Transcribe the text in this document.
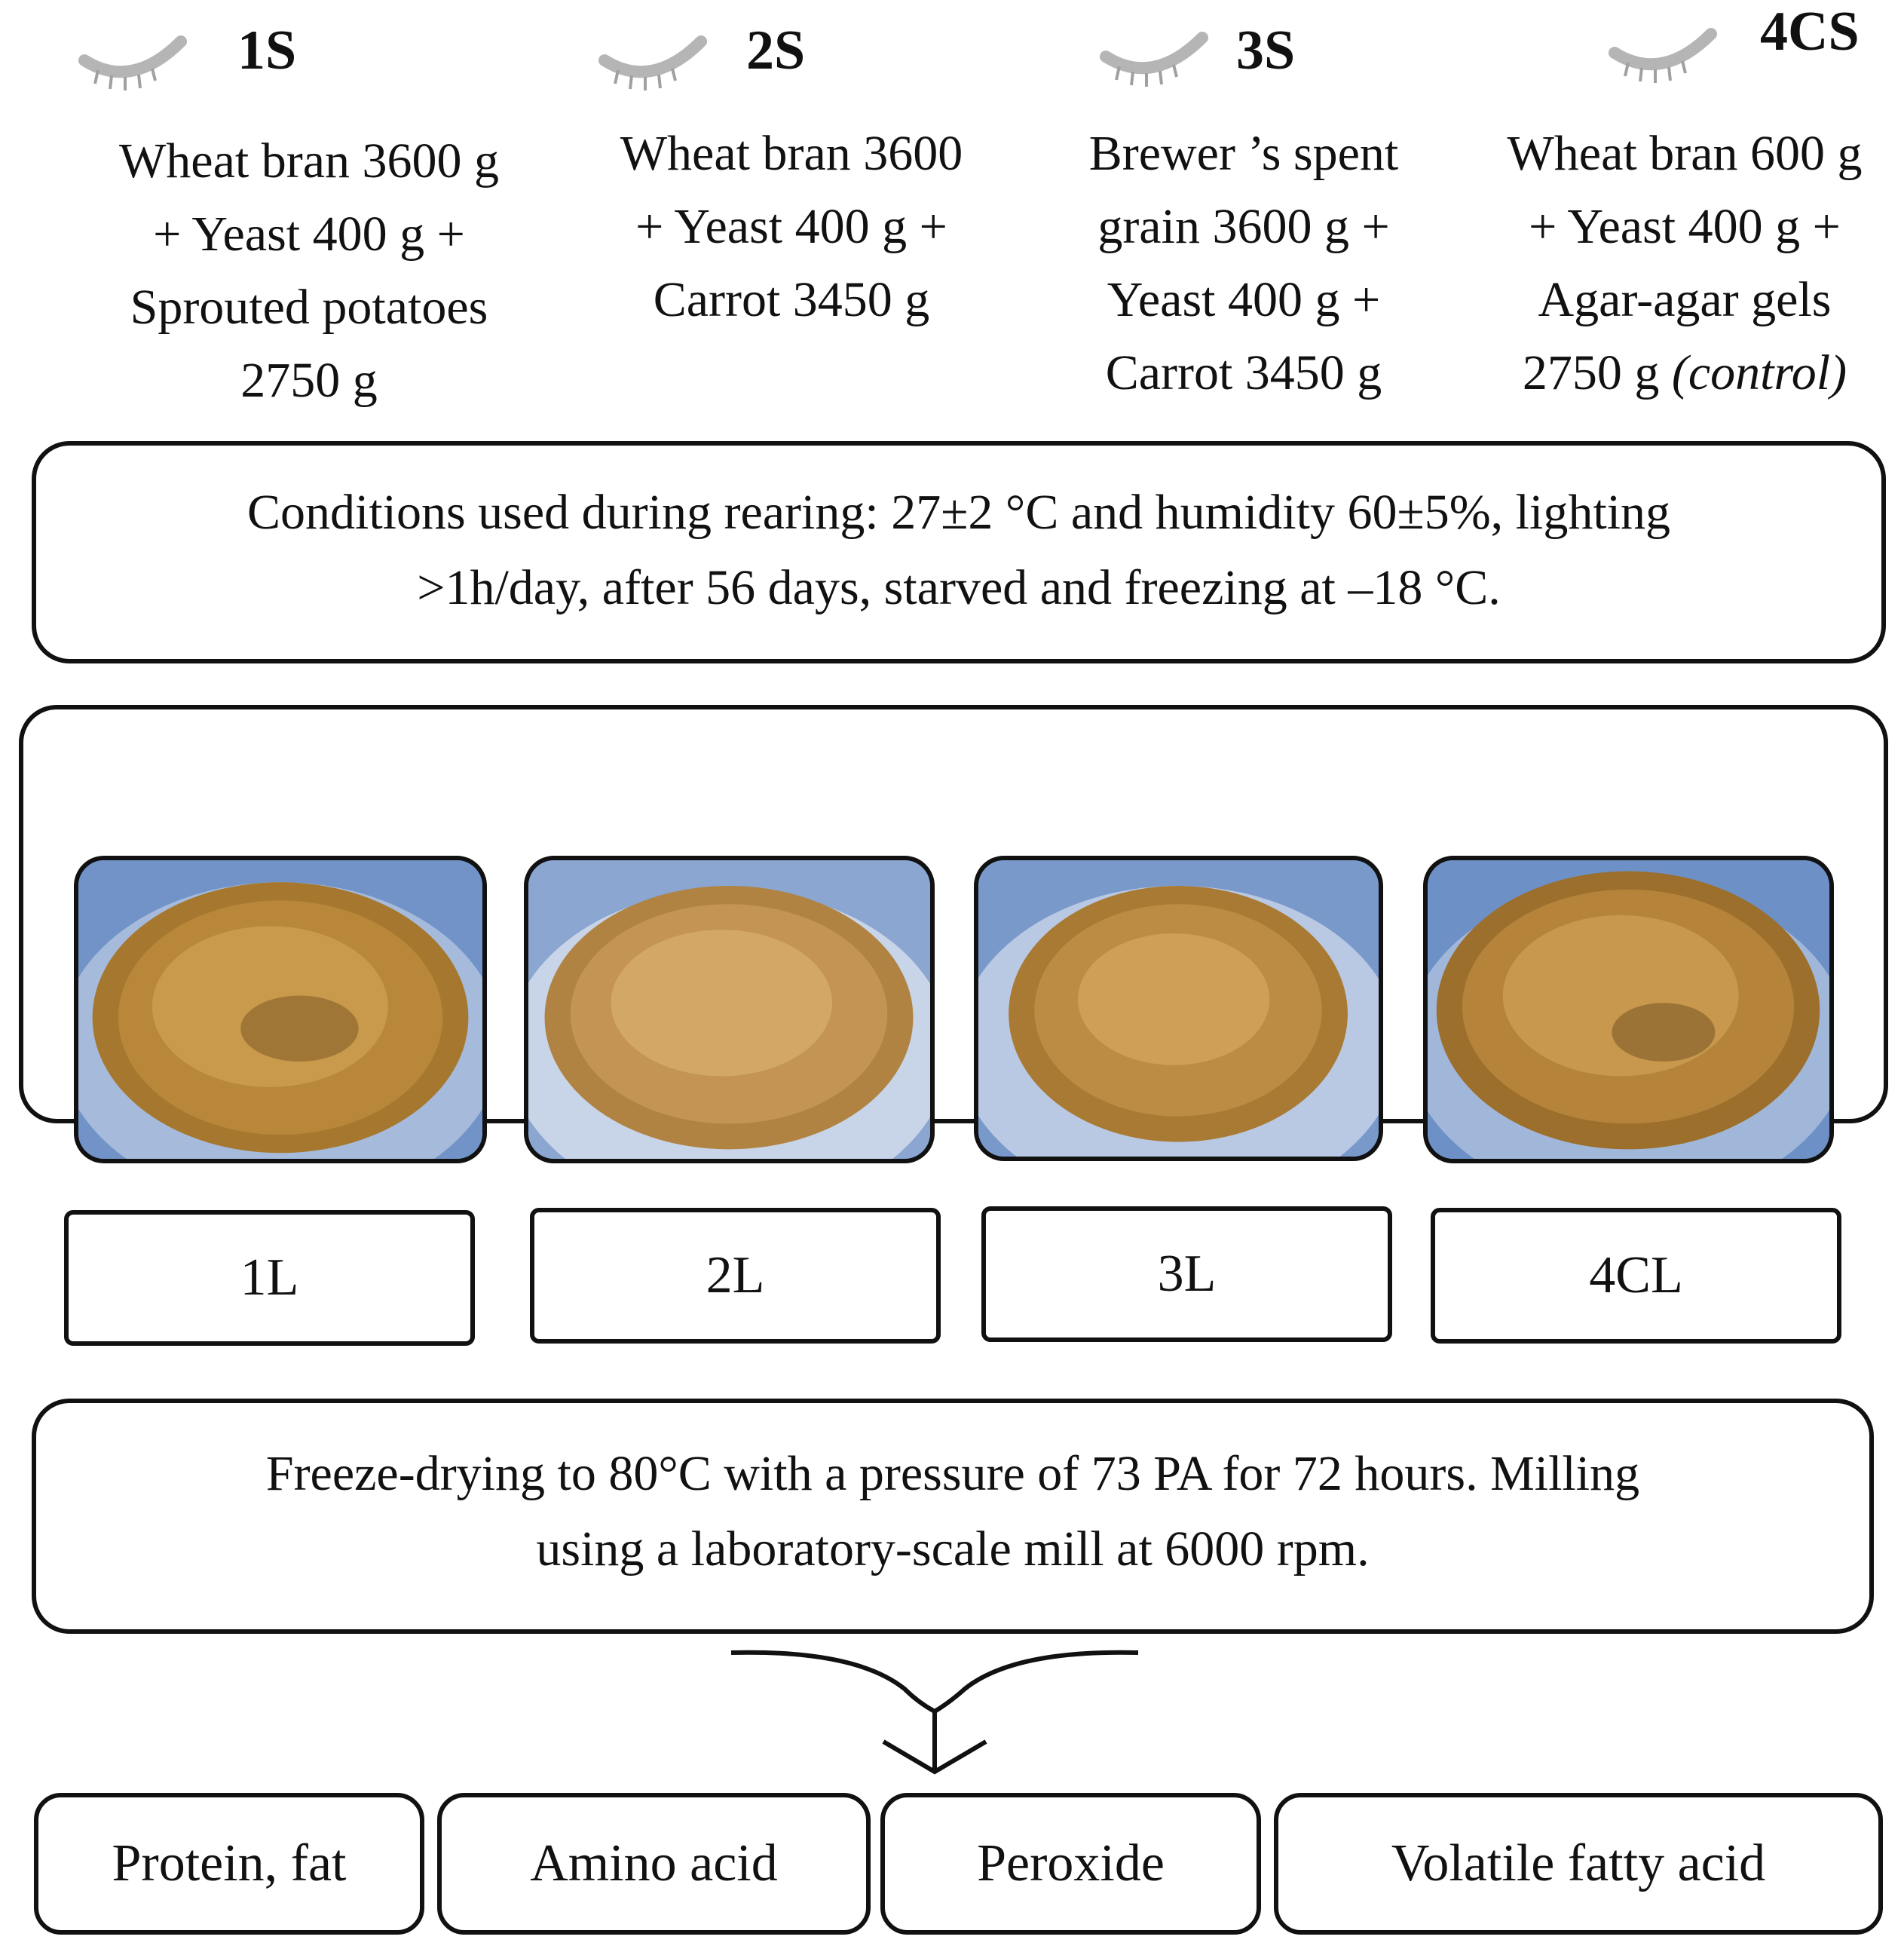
1S
Wheat bran 3600 g
+ Yeast 400 g +
Sprouted potatoes
2750 g
2S
Wheat bran 3600
+ Yeast 400 g +
Carrot 3450 g
3S
Brewer ’s spent
grain 3600 g +
Yeast 400 g +
Carrot 3450 g
4CS
Wheat bran 600 g
+ Yeast 400 g +
Agar-agar gels
2750 g (control)
Conditions used during rearing: 27±2 °C and humidity 60±5%, lighting
>1h/day, after 56 days, starved and freezing at –18 °C.
1L	2L	3L	4CL
Freeze-drying to 80°C with a pressure of 73 PA for 72 hours. Milling
using a laboratory-scale mill at 6000 rpm.
Protein, fat	Amino acid	Peroxide	Volatile fatty acid
